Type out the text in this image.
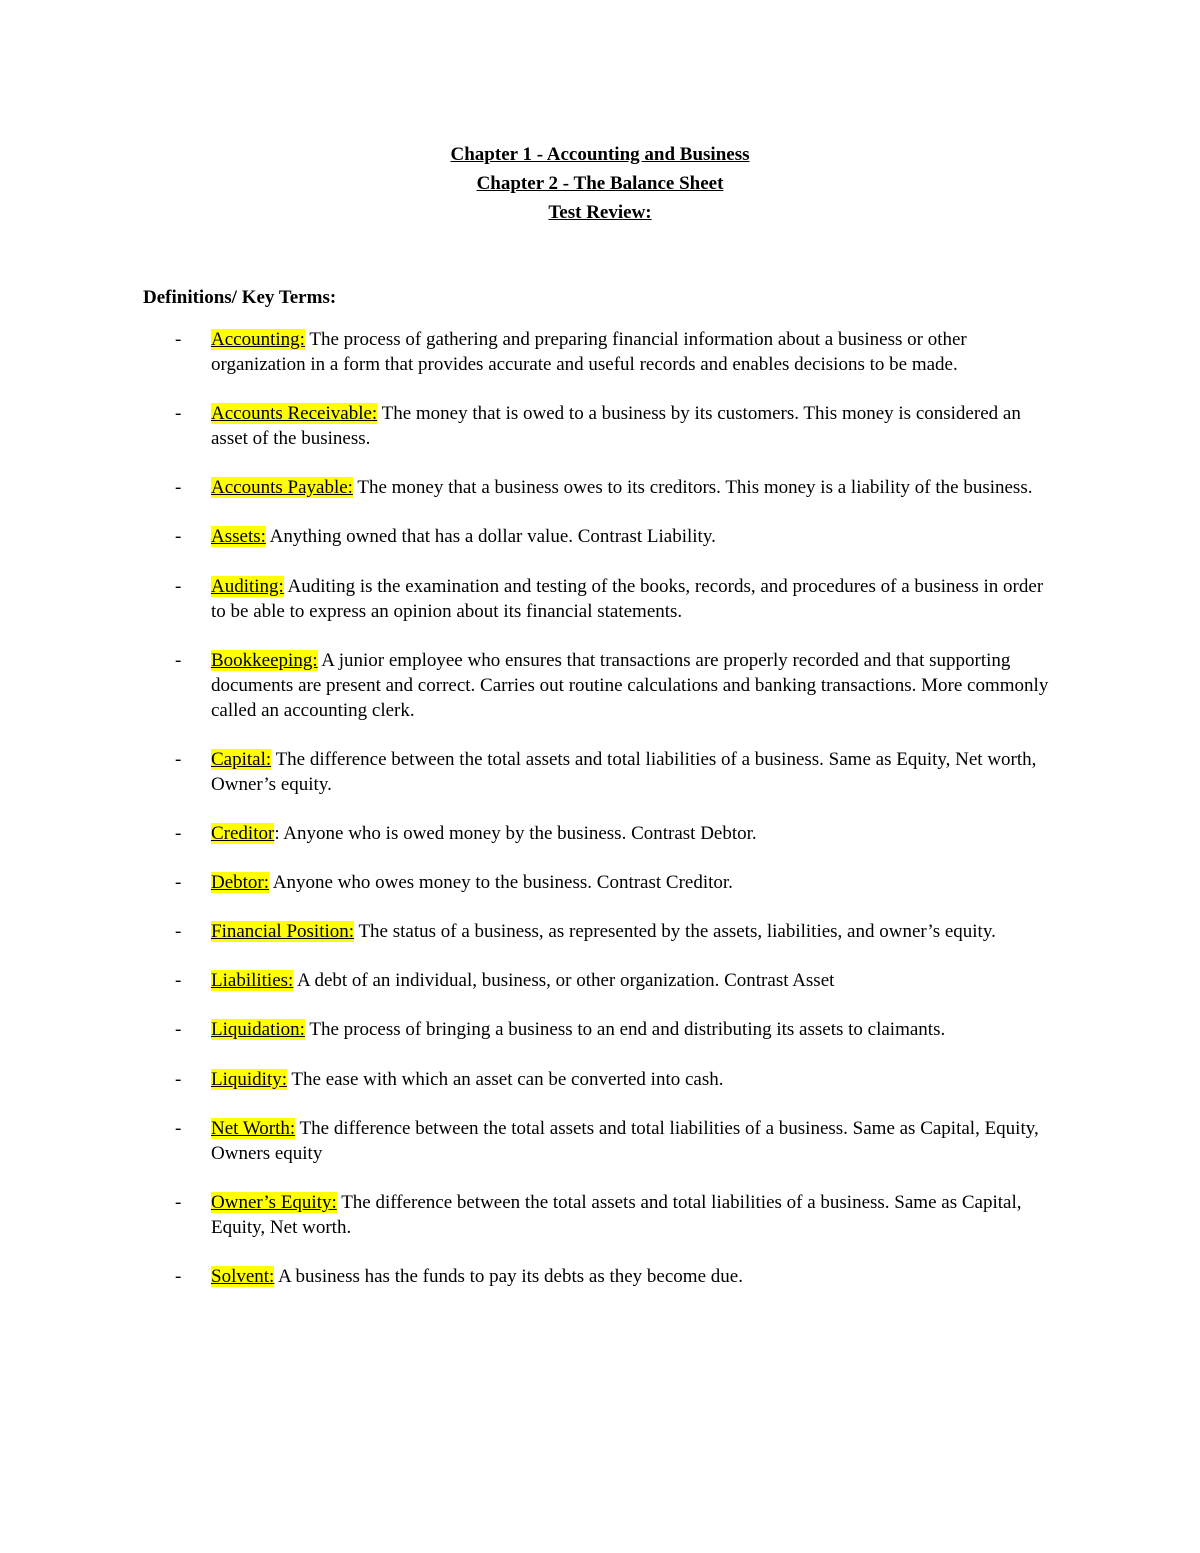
Chapter 1 - Accounting and Business
Chapter 2 - The Balance Sheet
Test Review:
Definitions/ Key Terms:
- Accounting: The process of gathering and preparing financial information about a business or other organization in a form that provides accurate and useful records and enables decisions to be made.
- Accounts Receivable: The money that is owed to a business by its customers. This money is considered an asset of the business.
- Accounts Payable: The money that a business owes to its creditors. This money is a liability of the business.
- Assets: Anything owned that has a dollar value. Contrast Liability.
- Auditing: Auditing is the examination and testing of the books, records, and procedures of a business in order to be able to express an opinion about its financial statements.
- Bookkeeping: A junior employee who ensures that transactions are properly recorded and that supporting documents are present and correct. Carries out routine calculations and banking transactions. More commonly called an accounting clerk.
- Capital: The difference between the total assets and total liabilities of a business. Same as Equity, Net worth, Owner’s equity.
- Creditor: Anyone who is owed money by the business. Contrast Debtor.
- Debtor: Anyone who owes money to the business. Contrast Creditor.
- Financial Position: The status of a business, as represented by the assets, liabilities, and owner’s equity.
- Liabilities: A debt of an individual, business, or other organization. Contrast Asset
- Liquidation: The process of bringing a business to an end and distributing its assets to claimants.
- Liquidity: The ease with which an asset can be converted into cash.
- Net Worth: The difference between the total assets and total liabilities of a business. Same as Capital, Equity, Owners equity
- Owner’s Equity: The difference between the total assets and total liabilities of a business. Same as Capital, Equity, Net worth.
- Solvent: A business has the funds to pay its debts as they become due.
